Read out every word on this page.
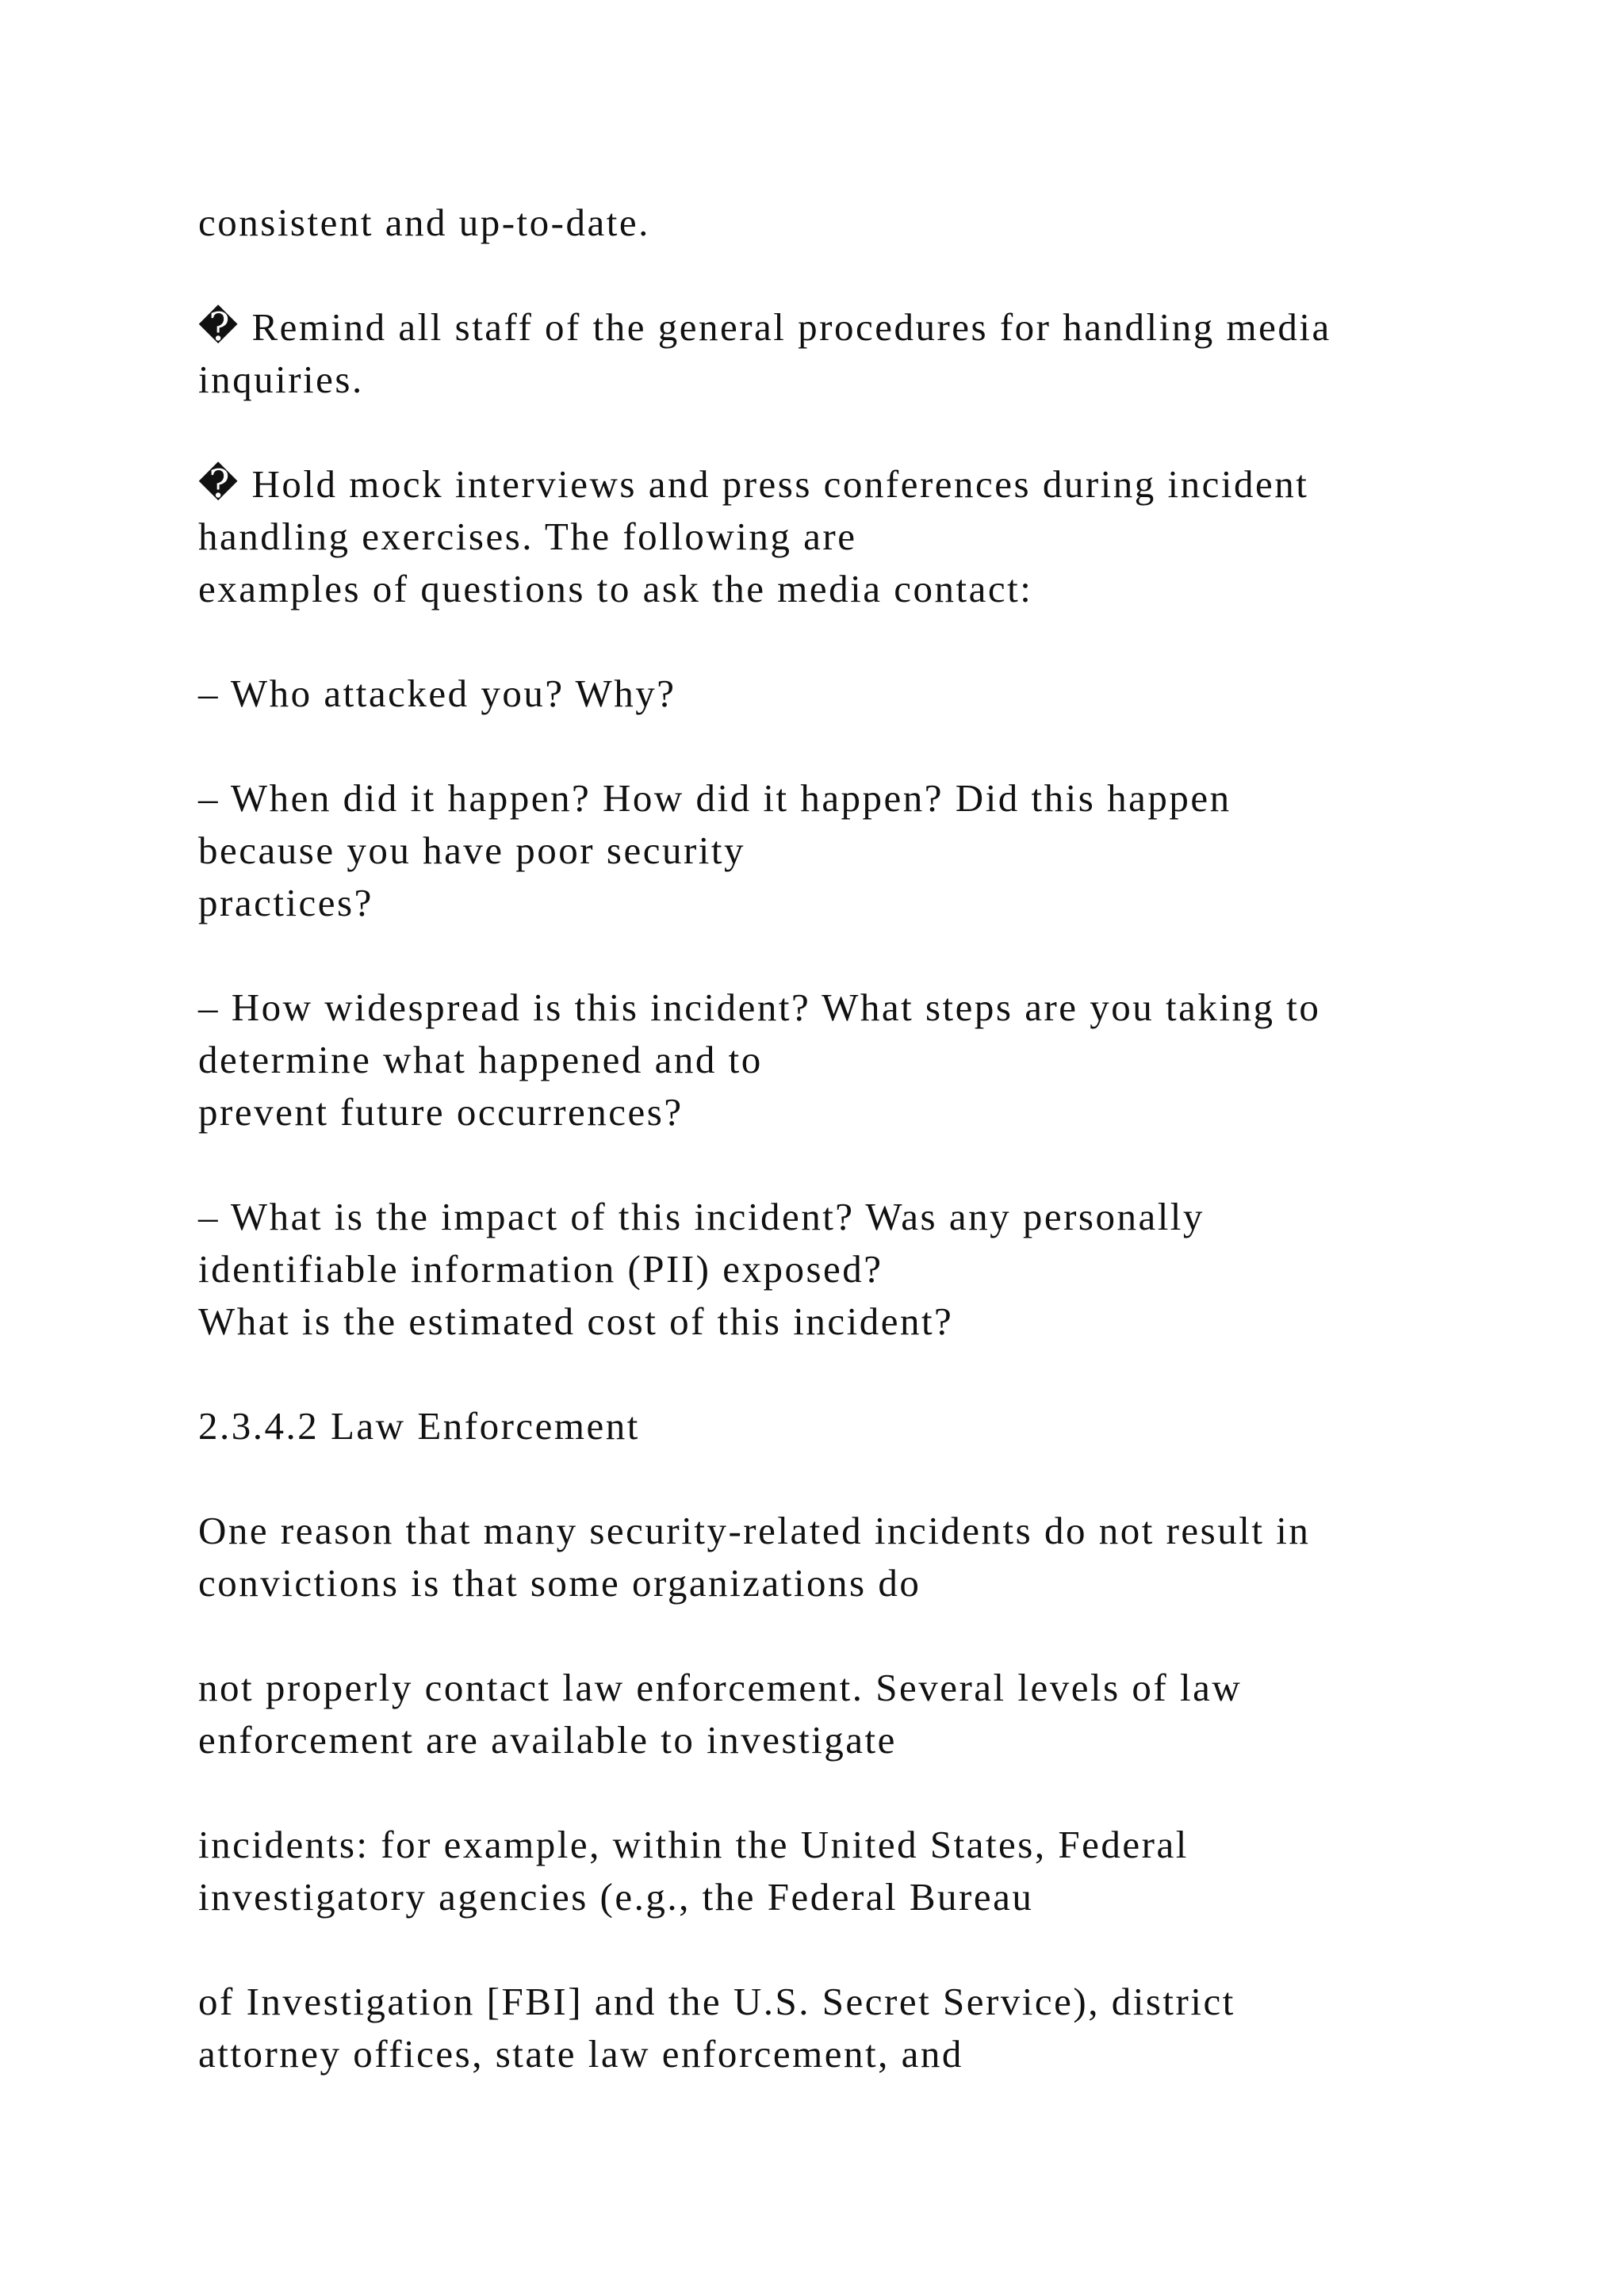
consistent and up-to-date.

� Remind all staff of the general procedures for handling media

inquiries.

� Hold mock interviews and press conferences during incident

handling exercises. The following are

examples of questions to ask the media contact:

– Who attacked you? Why?

– When did it happen? How did it happen? Did this happen

because you have poor security

practices?

– How widespread is this incident? What steps are you taking to

determine what happened and to

prevent future occurrences?

– What is the impact of this incident? Was any personally

identifiable information (PII) exposed?

What is the estimated cost of this incident?

2.3.4.2 Law Enforcement

One reason that many security-related incidents do not result in

convictions is that some organizations do

not properly contact law enforcement. Several levels of law

enforcement are available to investigate

incidents: for example, within the United States, Federal

investigatory agencies (e.g., the Federal Bureau

of Investigation [FBI] and the U.S. Secret Service), district

attorney offices, state law enforcement, and
